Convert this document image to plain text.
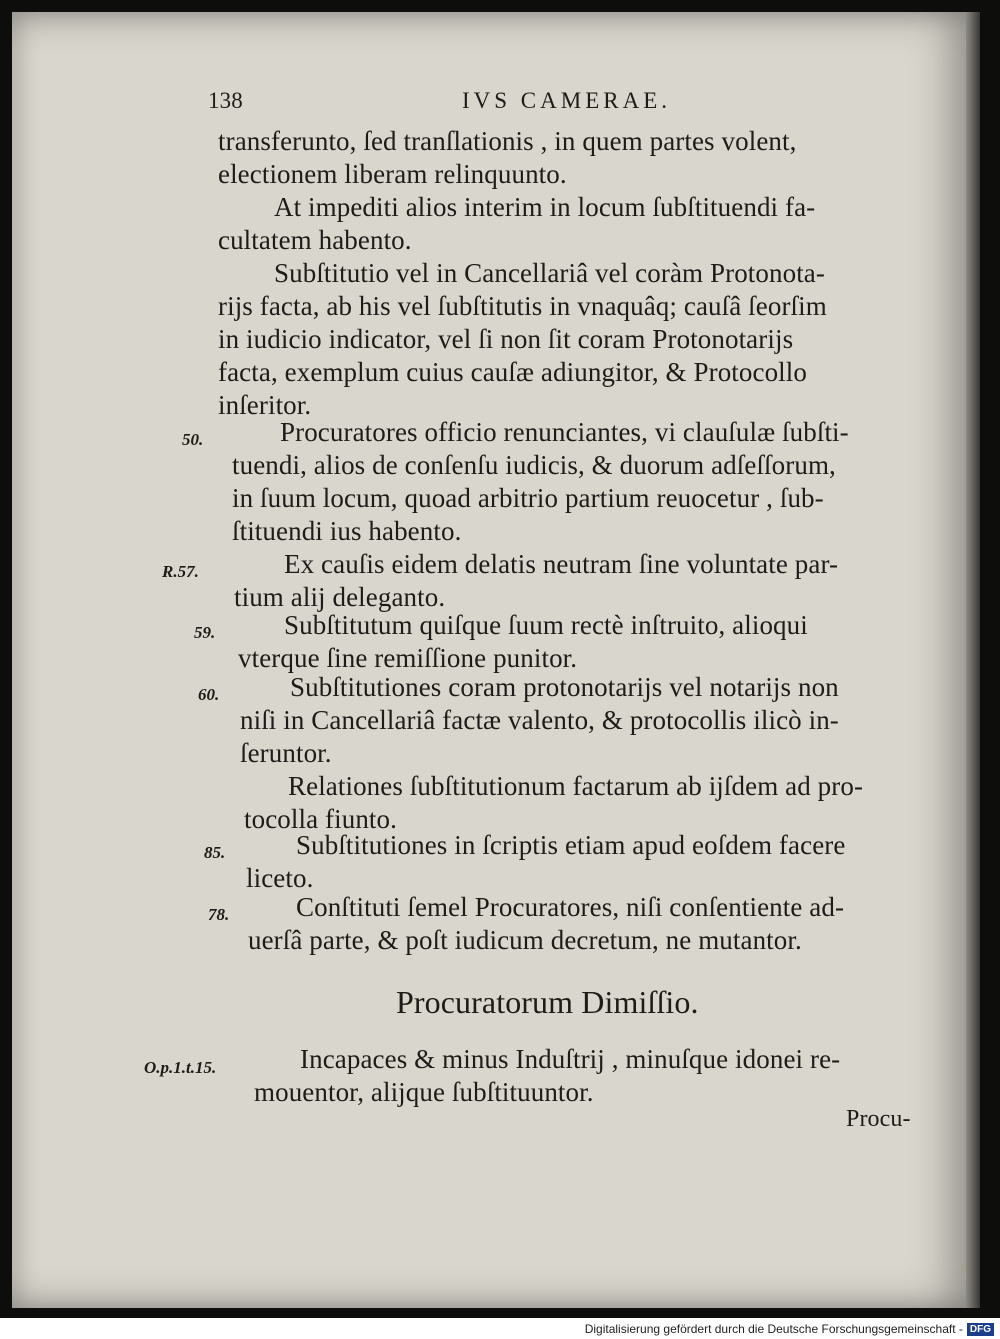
138	IVS CAMERAE.
transferunto, ſed tranſlationis , in quem partes volent,
electionem liberam relinquunto.
At impediti alios interim in locum ſubſtituendi fa-
cultatem habento.
Subſtitutio vel in Cancellariâ vel coràm Protonota-
rijs facta, ab his vel ſubſtitutis in vnaquâq; cauſâ ſeorſim
in iudicio indicator, vel ſi non ſit coram Protonotarijs
facta, exemplum cuius cauſæ adiungitor, & Protocollo
inſeritor.
50.	Procuratores officio renunciantes, vi clauſulæ ſubſti-
tuendi, alios de conſenſu iudicis, & duorum adſeſſorum,
in ſuum locum, quoad arbitrio partium reuocetur , ſub-
ſtituendi ius habento.
R.57.	Ex cauſis eidem delatis neutram ſine voluntate par-
tium alij deleganto.
59.	Subſtitutum quiſque ſuum rectè inſtruito, alioqui
vterque ſine remiſſione punitor.
60.	Subſtitutiones coram protonotarijs vel notarijs non
niſi in Cancellariâ factæ valento, & protocollis ilicò in-
ſeruntor.
Relationes ſubſtitutionum factarum ab ijſdem ad pro-
tocolla fiunto.
85.	Subſtitutiones in ſcriptis etiam apud eoſdem facere
liceto.
78. Conſtituti ſemel Procuratores, niſi conſentiente ad-
uerſâ parte, & poſt iudicum decretum, ne mutantor.
Procuratorum Dimiſſio.
O.p.1.t.15.	Incapaces & minus Induſtrij , minuſque idonei re-
mouentor, alijque ſubſtituuntor.
Procu-
Digitalisierung gefördert durch die Deutsche Forschungsgemeinschaft - DFG
